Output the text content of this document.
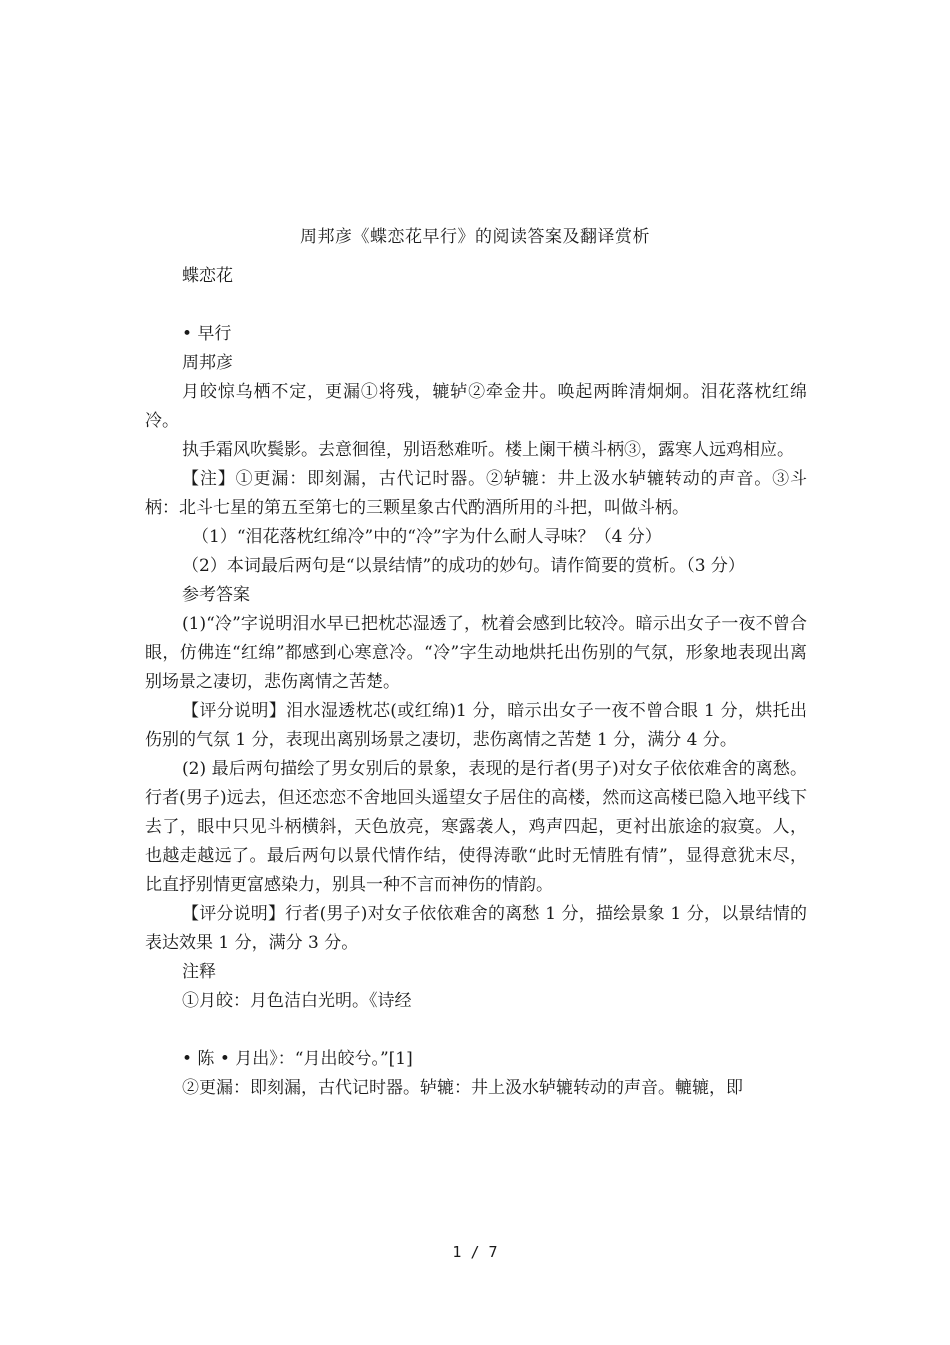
周邦彦《蝶恋花早行》的阅读答案及翻译赏析

蝶恋花

• 早行

周邦彦

月皎惊乌栖不定，更漏①将残，辘轳②牵金井。唤起两眸清炯炯。泪花落枕红绵冷。

执手霜风吹鬓影。去意徊徨，别语愁难听。楼上阑干横斗柄③，露寒人远鸡相应。

【注】①更漏：即刻漏，古代记时器。②轳辘：井上汲水轳辘转动的声音。③斗柄：北斗七星的第五至第七的三颗星象古代酌酒所用的斗把，叫做斗柄。

（1）“泪花落枕红绵冷”中的“冷”字为什么耐人寻味？（4 分）

（2）本词最后两句是“以景结情”的成功的妙句。请作简要的赏析。（3 分）

参考答案

(1)“冷”字说明泪水早已把枕芯湿透了，枕着会感到比较冷。暗示出女子一夜不曾合眼，仿佛连“红绵”都感到心寒意冷。“冷”字生动地烘托出伤别的气氛，形象地表现出离别场景之凄切，悲伤离情之苦楚。

【评分说明】泪水湿透枕芯(或红绵)1 分，暗示出女子一夜不曾合眼 1 分，烘托出伤别的气氛 1 分，表现出离别场景之凄切，悲伤离情之苦楚 1 分，满分 4 分。

(2) 最后两句描绘了男女别后的景象，表现的是行者(男子)对女子依依难舍的离愁。行者(男子)远去，但还恋恋不舍地回头遥望女子居住的高楼，然而这高楼已隐入地平线下去了，眼中只见斗柄横斜，天色放亮，寒露袭人，鸡声四起，更衬出旅途的寂寞。人，也越走越远了。最后两句以景代情作结，使得涛歌“此时无情胜有情”，显得意犹末尽，比直抒别情更富感染力，别具一种不言而神伤的情韵。

【评分说明】行者(男子)对女子依依难舍的离愁 1 分，描绘景象 1 分，以景结情的表达效果 1 分，满分 3 分。

注释

①月皎：月色洁白光明。《诗经

• 陈 • 月出》：“月出皎兮。”[1]

②更漏：即刻漏，古代记时器。轳辘：井上汲水轳辘转动的声音。轆辘，即

1 / 7
